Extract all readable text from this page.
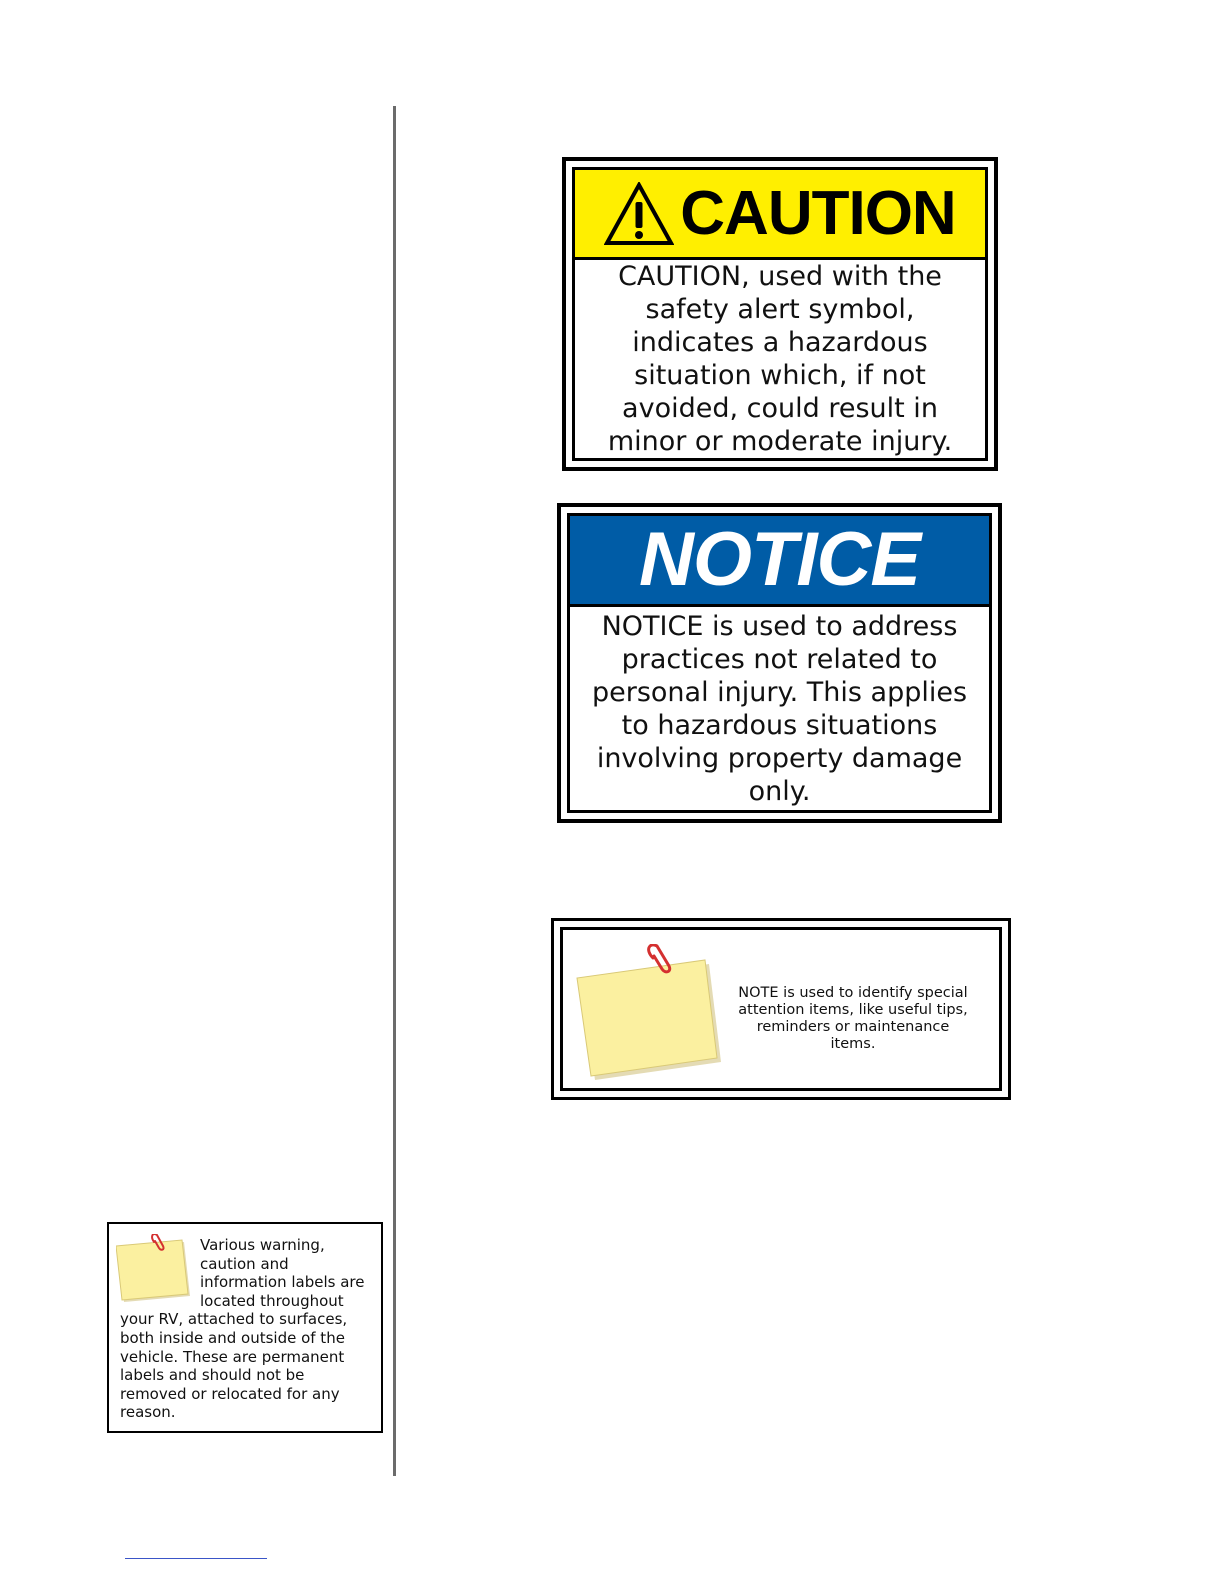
CAUTION
CAUTION, used with the safety alert symbol, indicates a hazardous situation which, if not avoided, could result in minor or moderate injury.
NOTICE
NOTICE is used to address practices not related to personal injury. This applies to hazardous situations involving property damage only.
NOTE is used to identify special attention items, like useful tips, reminders or maintenance items.
Various warning, caution and information labels are located throughout your RV, attached to surfaces, both inside and outside of the vehicle. These are permanent labels and should not be removed or relocated for any reason.
